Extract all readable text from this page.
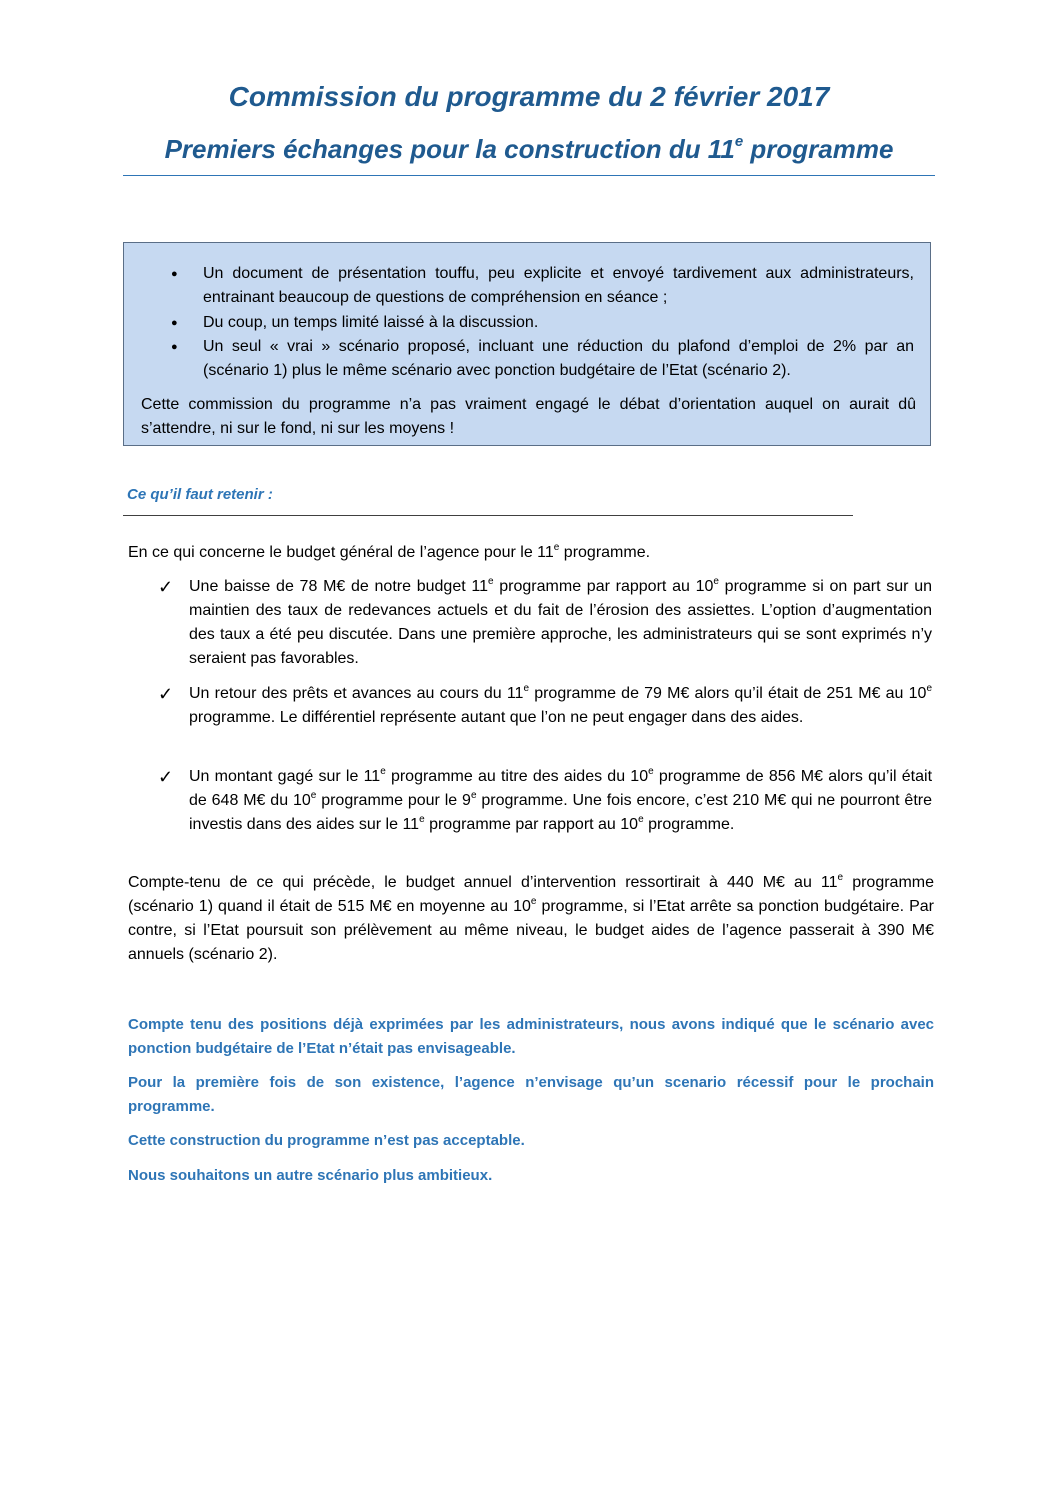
Commission du programme du 2 février 2017
Premiers échanges pour la construction du 11e programme
● Un document de présentation touffu, peu explicite et envoyé tardivement aux administrateurs, entrainant beaucoup de questions de compréhension en séance ;
● Du coup, un temps limité laissé à la discussion.
● Un seul « vrai » scénario proposé, incluant une réduction du plafond d’emploi de 2% par an (scénario 1) plus le même scénario avec ponction budgétaire de l’Etat (scénario 2).

Cette commission du programme n’a pas vraiment engagé le débat d’orientation auquel on aurait dû s’attendre, ni sur le fond, ni sur les moyens !

Ce qu’il faut retenir :

En ce qui concerne le budget général de l’agence pour le 11e programme.

✓ Une baisse de 78 M€ de notre budget 11e programme par rapport au 10e programme si on part sur un maintien des taux de redevances actuels et du fait de l’érosion des assiettes. L’option d’augmentation des taux a été peu discutée. Dans une première approche, les administrateurs qui se sont exprimés n’y seraient pas favorables.

✓ Un retour des prêts et avances au cours du 11e programme de 79 M€ alors qu’il était de 251 M€ au 10e programme. Le différentiel représente autant que l’on ne peut engager dans des aides.

✓ Un montant gagé sur le 11e programme au titre des aides du 10e programme de 856 M€ alors qu’il était de 648 M€ du 10e programme pour le 9e programme. Une fois encore, c’est 210 M€ qui ne pourront être investis dans des aides sur le 11e programme par rapport au 10e programme.

Compte-tenu de ce qui précède, le budget annuel d’intervention ressortirait à 440 M€ au 11e programme (scénario 1) quand il était de 515 M€ en moyenne au 10e programme, si l’Etat arrête sa ponction budgétaire. Par contre, si l’Etat poursuit son prélèvement au même niveau, le budget aides de l’agence passerait à 390 M€ annuels (scénario 2).

Compte tenu des positions déjà exprimées par les administrateurs, nous avons indiqué que le scénario avec ponction budgétaire de l’Etat n’était pas envisageable.

Pour la première fois de son existence, l’agence n’envisage qu’un scenario récessif pour le prochain programme.

Cette construction du programme n’est pas acceptable.

Nous souhaitons un autre scénario plus ambitieux.
